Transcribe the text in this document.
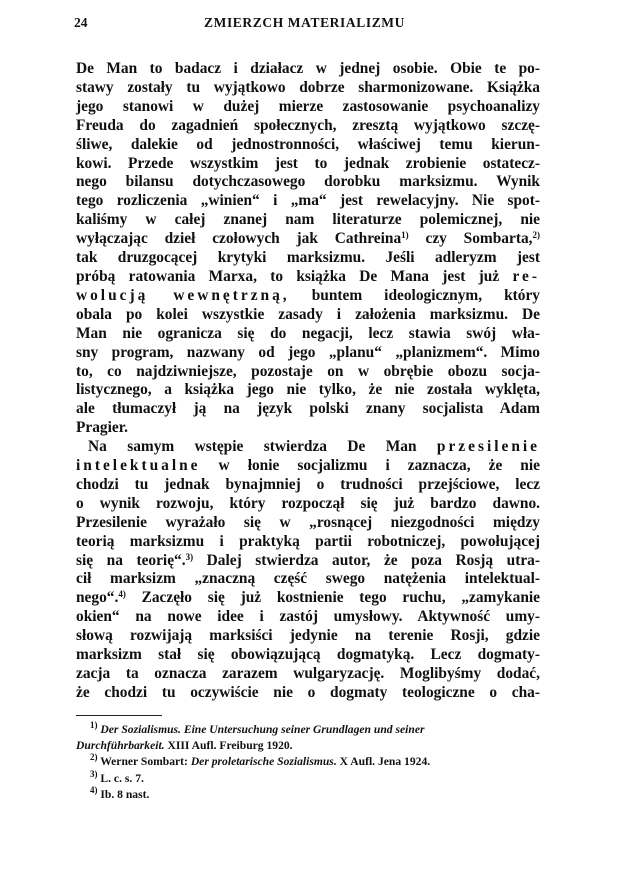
24	ZMIERZCH MATERIALIZMU
De Man to badacz i działacz w jednej osobie. Obie te po-
stawy zostały tu wyjątkowo dobrze sharmonizowane. Książka
jego stanowi w dużej mierze zastosowanie psychoanalizy
Freuda do zagadnień społecznych, zresztą wyjątkowo szczę-
śliwe, dalekie od jednostronności, właściwej temu kierun-
kowi. Przede wszystkim jest to jednak zrobienie ostatecz-
nego bilansu dotychczasowego dorobku marksizmu. Wynik
tego rozliczenia „winien“ i „ma“ jest rewelacyjny. Nie spot-
kaliśmy w całej znanej nam literaturze polemicznej, nie
wyłączając dzieł czołowych jak Cathreina$^{1)}$ czy Sombarta,$^{2)}$
tak druzgocącej krytyki marksizmu. Jeśli adleryzm jest
próbą ratowania Marxa, to książka De Mana jest już re-
wolucją wewnętrzną, buntem ideologicznym, który
obala po kolei wszystkie zasady i założenia marksizmu. De
Man nie ogranicza się do negacji, lecz stawia swój wła-
sny program, nazwany od jego „planu“ „planizmem“. Mimo
to, co najdziwniejsze, pozostaje on w obrębie obozu socja-
listycznego, a książka jego nie tylko, że nie została wyklęta,
ale tłumaczył ją na język polski znany socjalista Adam
Pragier.
Na samym wstępie stwierdza De Man przesilenie
intelektualne w łonie socjalizmu i zaznacza, że nie
chodzi tu jednak bynajmniej o trudności przejściowe, lecz
o wynik rozwoju, który rozpoczął się już bardzo dawno.
Przesilenie wyrażało się w „rosnącej niezgodności między
teorią marksizmu i praktyką partii robotniczej, powołującej
się na teorię“.$^{3)}$ Dalej stwierdza autor, że poza Rosją utra-
cił marksizm „znaczną część swego natężenia intelektual-
nego“.$^{4)}$ Zaczęło się już kostnienie tego ruchu, „zamykanie
okien“ na nowe idee i zastój umysłowy. Aktywność umy-
słową rozwijają marksiści jedynie na terenie Rosji, gdzie
marksizm stał się obowiązującą dogmatyką. Lecz dogmaty-
zacja ta oznacza zarazem wulgaryzację. Moglibyśmy dodać,
że chodzi tu oczywiście nie o dogmaty teologiczne o cha-
$^{1)}$ Der Sozialismus. Eine Untersuchung seiner Grundlagen und seiner
Durchführbarkeit. XIII Aufl. Freiburg 1920.
$^{2)}$ Werner Sombart: Der proletarische Sozialismus. X Aufl. Jena 1924.
$^{3)}$ L. c. s. 7.
$^{4)}$ Ib. 8 nast.
